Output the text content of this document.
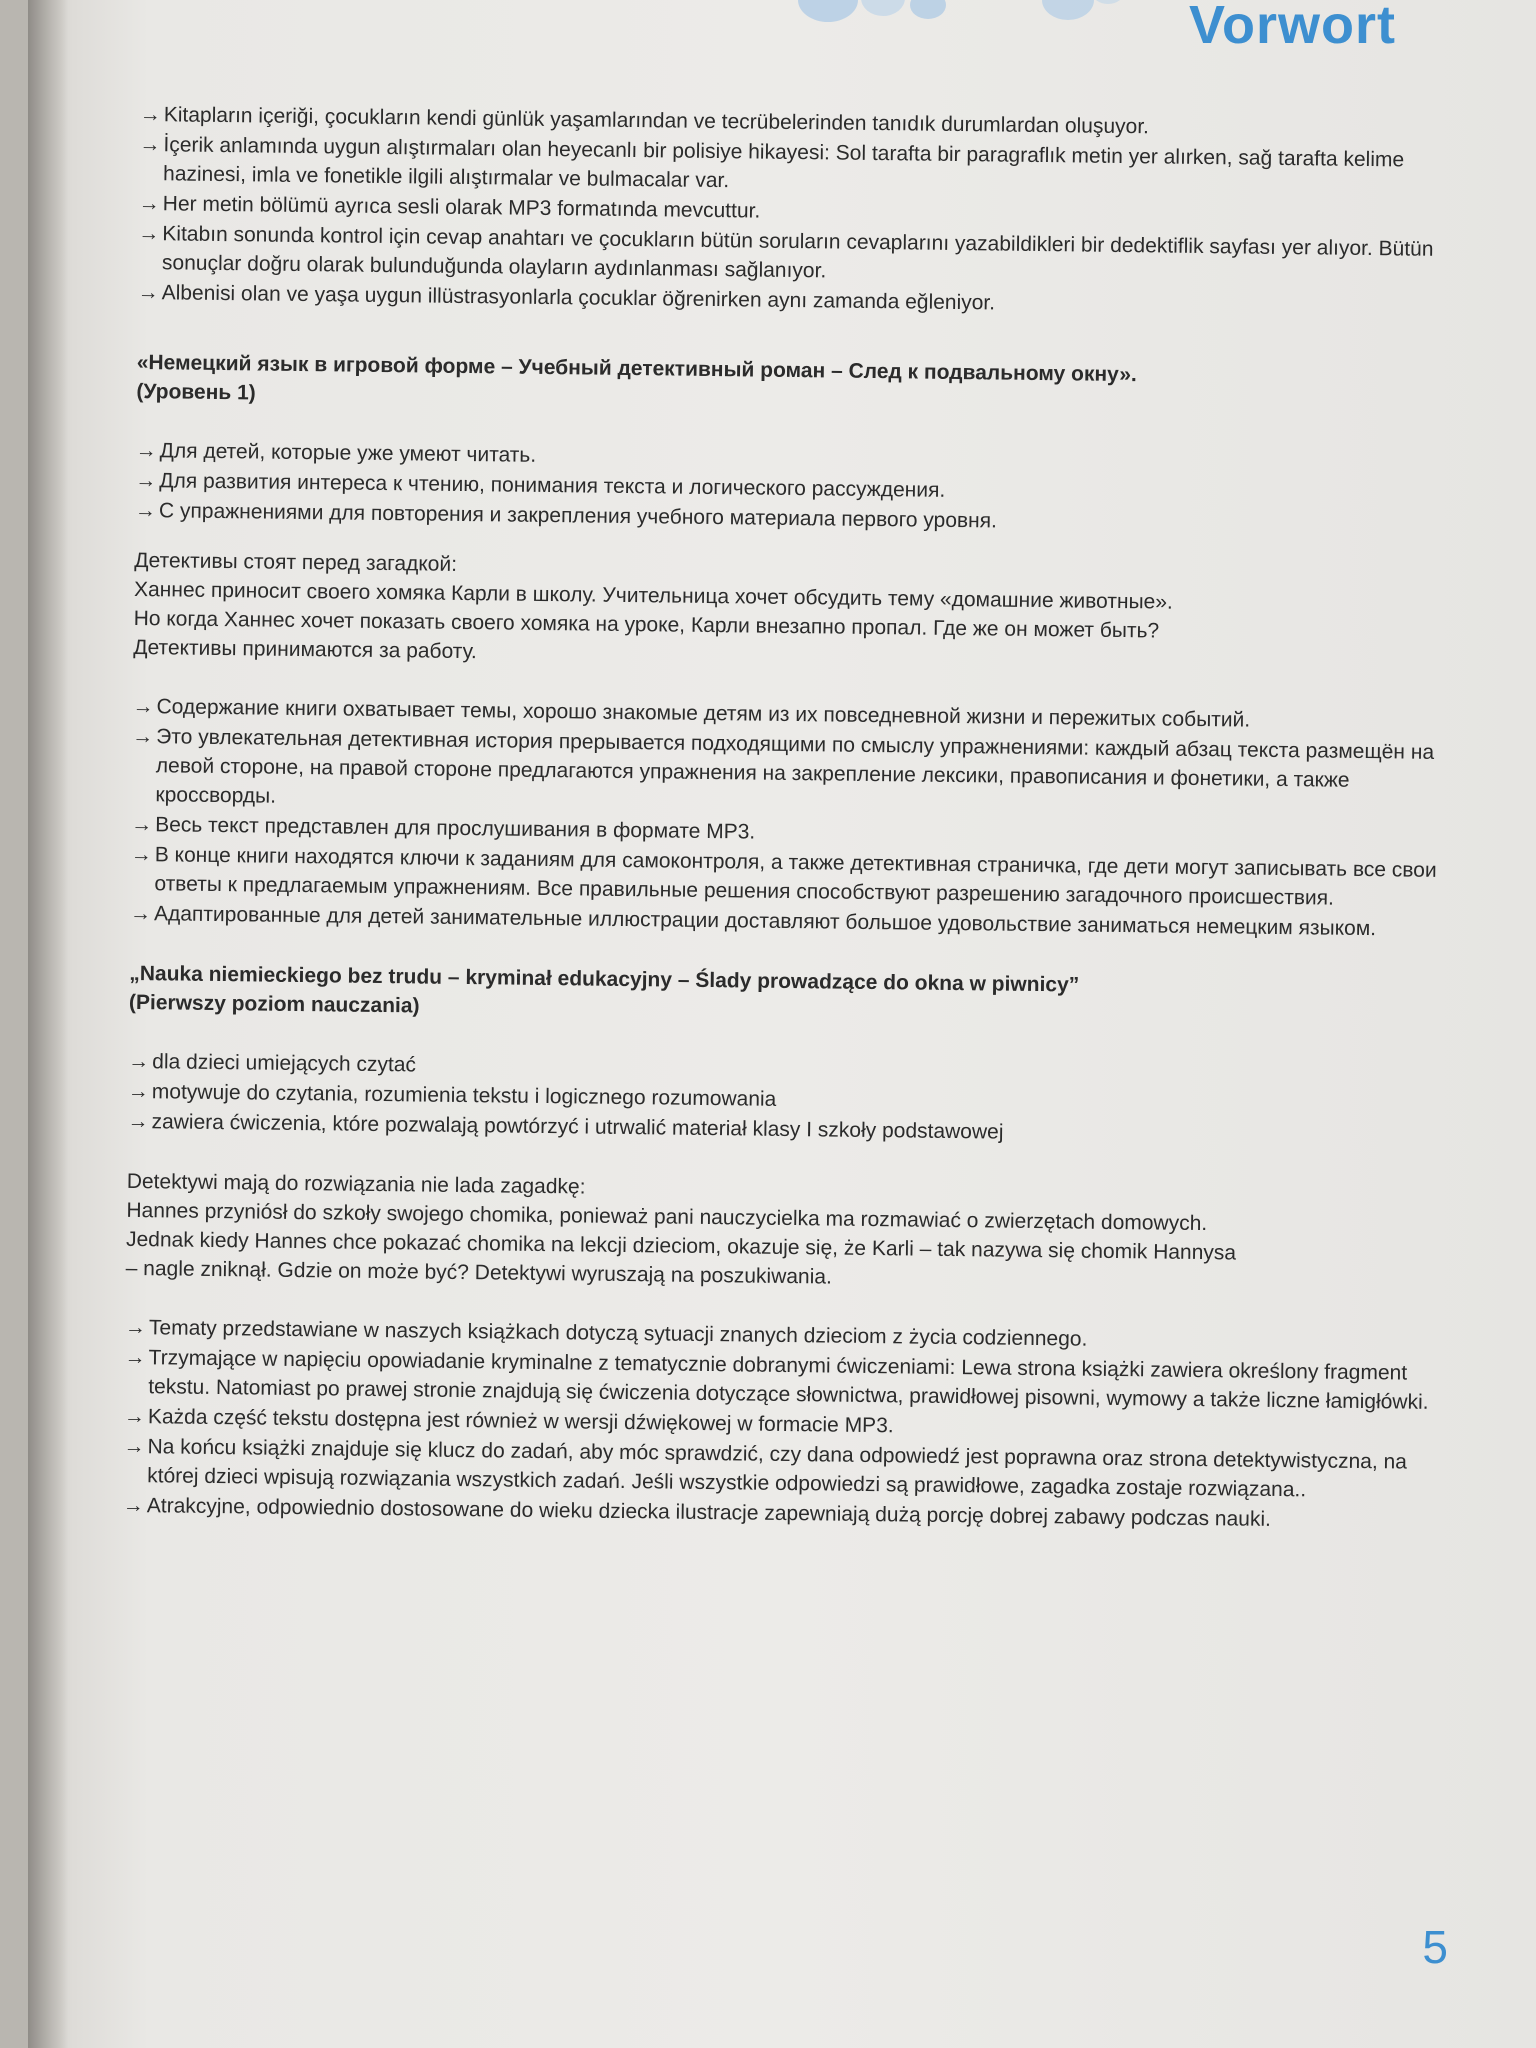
Vorwort
→ Kitapların içeriği, çocukların kendi günlük yaşamlarından ve tecrübelerinden tanıdık durumlardan oluşuyor.
→ İçerik anlamında uygun alıştırmaları olan heyecanlı bir polisiye hikayesi: Sol tarafta bir paragraflık metin yer alırken, sağ tarafta kelime hazinesi, imla ve fonetikle ilgili alıştırmalar ve bulmacalar var.
→ Her metin bölümü ayrıca sesli olarak MP3 formatında mevcuttur.
→ Kitabın sonunda kontrol için cevap anahtarı ve çocukların bütün soruların cevaplarını yazabildikleri bir dedektiflik sayfası yer alıyor. Bütün sonuçlar doğru olarak bulunduğunda olayların aydınlanması sağlanıyor.
→ Albenisi olan ve yaşa uygun illüstrasyonlarla çocuklar öğrenirken aynı zamanda eğleniyor.

«Немецкий язык в игровой форме – Учебный детективный роман – След к подвальному окну».

(Уровень 1)

→ Для детей, которые уже умеют читать.
→ Для развития интереса к чтению, понимания текста и логического рассуждения.
→ С упражнениями для повторения и закрепления учебного материала первого уровня.

Детективы стоят перед загадкой:

Ханнес приносит своего хомяка Карли в школу. Учительница хочет обсудить тему «домашние животные».

Но когда Ханнес хочет показать своего хомяка на уроке, Карли внезапно пропал. Где же он может быть?

Детективы принимаются за работу.

→ Содержание книги охватывает темы, хорошо знакомые детям из их повседневной жизни и пережитых событий.
→ Это увлекательная детективная история прерывается подходящими по смыслу упражнениями: каждый абзац текста размещён на левой стороне, на правой стороне предлагаются упражнения на закрепление лексики, правописания и фонетики, а также кроссворды.
→ Весь текст представлен для прослушивания в формате MP3.
→ В конце книги находятся ключи к заданиям для самоконтроля, а также детективная страничка, где дети могут записывать все свои ответы к предлагаемым упражнениям. Все правильные решения способствуют разрешению загадочного происшествия.
→ Адаптированные для детей занимательные иллюстрации доставляют большое удовольствие заниматься немецким языком.

„Nauka niemieckiego bez trudu – kryminał edukacyjny – Ślady prowadzące do okna w piwnicy”

(Pierwszy poziom nauczania)

→ dla dzieci umiejących czytać
→ motywuje do czytania, rozumienia tekstu i logicznego rozumowania
→ zawiera ćwiczenia, które pozwalają powtórzyć i utrwalić materiał klasy I szkoły podstawowej

Detektywi mają do rozwiązania nie lada zagadkę:

Hannes przyniósł do szkoły swojego chomika, ponieważ pani nauczycielka ma rozmawiać o zwierzętach domowych.

Jednak kiedy Hannes chce pokazać chomika na lekcji dzieciom, okazuje się, że Karli – tak nazywa się chomik Hannysa

– nagle zniknął. Gdzie on może być? Detektywi wyruszają na poszukiwania.

→ Tematy przedstawiane w naszych książkach dotyczą sytuacji znanych dzieciom z życia codziennego.
→ Trzymające w napięciu opowiadanie kryminalne z tematycznie dobranymi ćwiczeniami: Lewa strona książki zawiera określony fragment tekstu. Natomiast po prawej stronie znajdują się ćwiczenia dotyczące słownictwa, prawidłowej pisowni, wymowy a także liczne łamigłówki.
→ Każda część tekstu dostępna jest również w wersji dźwiękowej w formacie MP3.
→ Na końcu książki znajduje się klucz do zadań, aby móc sprawdzić, czy dana odpowiedź jest poprawna oraz strona detektywistyczna, na której dzieci wpisują rozwiązania wszystkich zadań. Jeśli wszystkie odpowiedzi są prawidłowe, zagadka zostaje rozwiązana..
→ Atrakcyjne, odpowiednio dostosowane do wieku dziecka ilustracje zapewniają dużą porcję dobrej zabawy podczas nauki.
5
